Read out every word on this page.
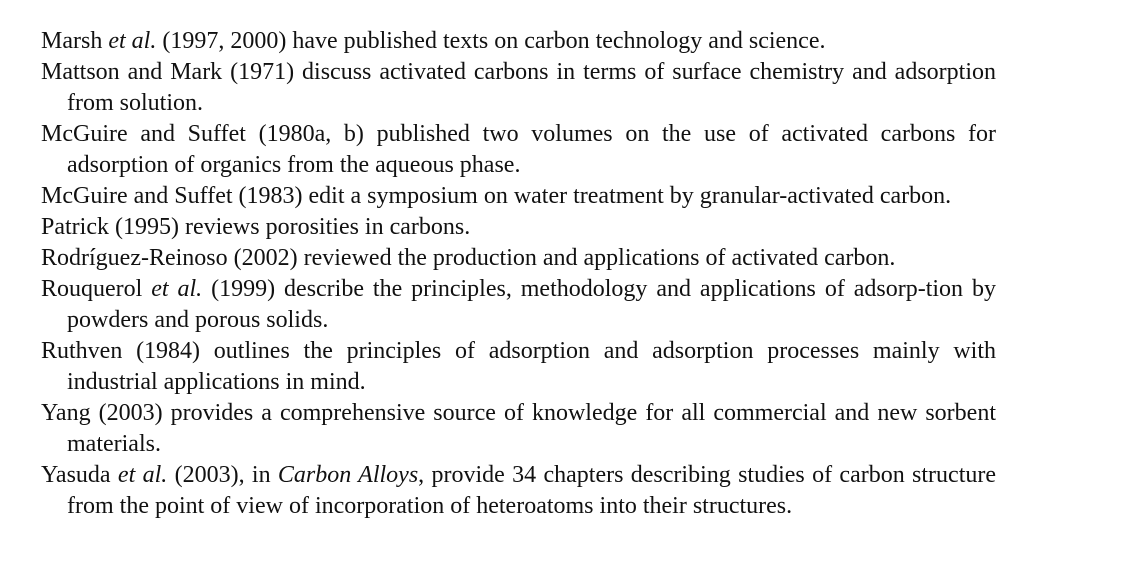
Marsh et al. (1997, 2000) have published texts on carbon technology and science.

Mattson and Mark (1971) discuss activated carbons in terms of surface chemistry and adsorption from solution.

McGuire and Suffet (1980a, b) published two volumes on the use of activated carbons for adsorption of organics from the aqueous phase.

McGuire and Suffet (1983) edit a symposium on water treatment by granular-activated carbon.

Patrick (1995) reviews porosities in carbons.

Rodríguez-Reinoso (2002) reviewed the production and applications of activated carbon.

Rouquerol et al. (1999) describe the principles, methodology and applications of adsorp-tion by powders and porous solids.

Ruthven (1984) outlines the principles of adsorption and adsorption processes mainly with industrial applications in mind.

Yang (2003) provides a comprehensive source of knowledge for all commercial and new sorbent materials.

Yasuda et al. (2003), in Carbon Alloys, provide 34 chapters describing studies of carbon structure from the point of view of incorporation of heteroatoms into their structures.
